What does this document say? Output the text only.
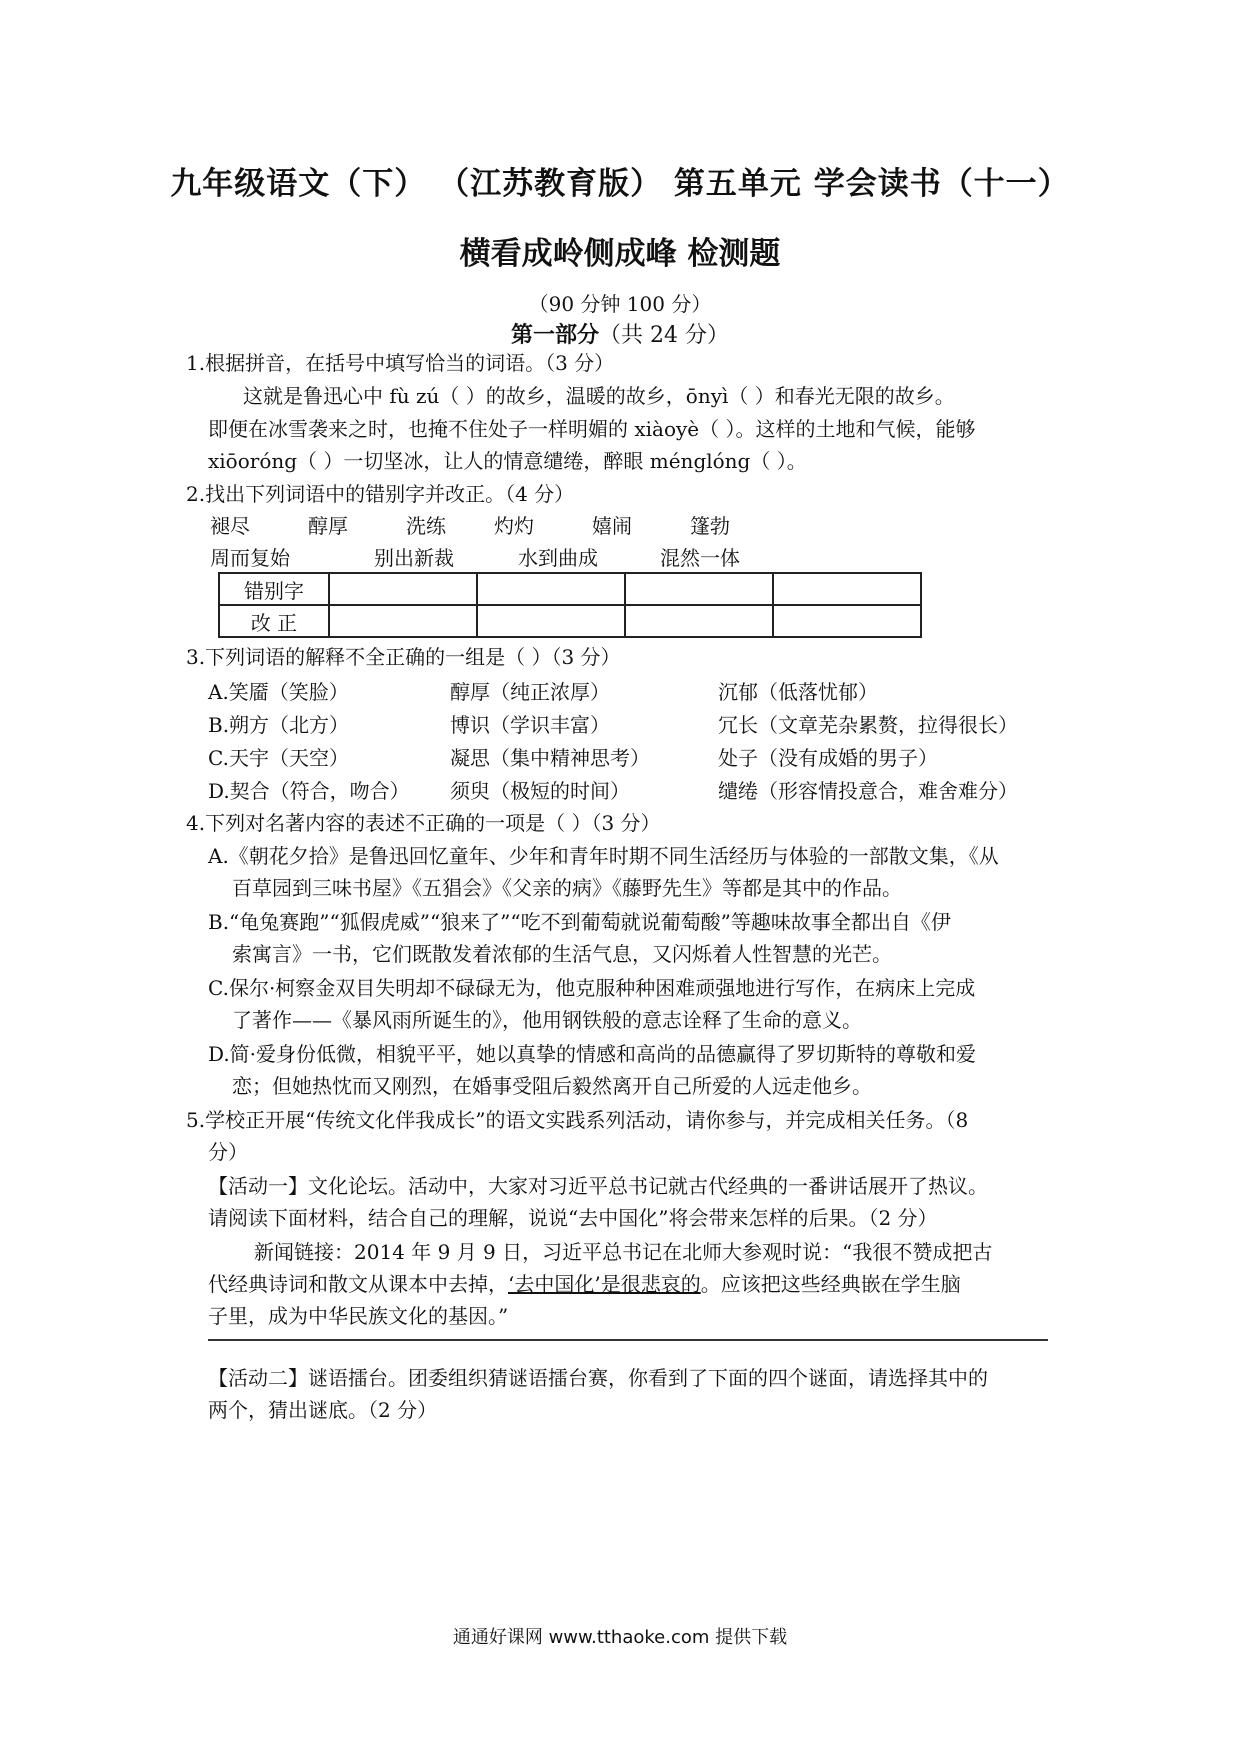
九年级语文（下） （江苏教育版） 第五单元 学会读书（十一）
横看成岭侧成峰 检测题
（90 分钟 100 分）
第一部分（共 24 分）
1.根据拼音，在括号中填写恰当的词语。（3 分）
这就是鲁迅心中 fù zú（ ）的故乡，温暖的故乡，ōnyì（ ）和春光无限的故乡。
即便在冰雪袭来之时，也掩不住处子一样明媚的 xiàoyè（ ）。这样的土地和气候，能够
xiōoróng（ ）一切坚冰，让人的情意缱绻，醉眼 ménglóng（ ）。
2.找出下列词语中的错别字并改正。（4 分）
褪尽	醇厚	洗练 灼灼	嬉闹	篷勃
周而复始	别出新裁	水到曲成	混然一体
错别字				
改 正				
3.下列词语的解释不全正确的一组是（ ）（3 分）
A.笑靥（笑脸）	醇厚（纯正浓厚）	沉郁（低落忧郁）
B.朔方（北方）	博识（学识丰富）	冗长（文章芜杂累赘，拉得很长）
C.天宇（天空）	凝思（集中精神思考）	处子（没有成婚的男子）
D.契合（符合，吻合） 须臾（极短的时间）	缱绻（形容情投意合，难舍难分）
4.下列对名著内容的表述不正确的一项是（ ）（3 分）
A.《朝花夕拾》是鲁迅回忆童年、少年和青年时期不同生活经历与体验的一部散文集，《从
百草园到三味书屋》《五猖会》《父亲的病》《藤野先生》等都是其中的作品。
B.“龟兔赛跑”“狐假虎威”“狼来了”“吃不到葡萄就说葡萄酸”等趣味故事全都出自《伊
索寓言》一书，它们既散发着浓郁的生活气息，又闪烁着人性智慧的光芒。
C.保尔·柯察金双目失明却不碌碌无为，他克服种种困难顽强地进行写作，在病床上完成
了著作——《暴风雨所诞生的》，他用钢铁般的意志诠释了生命的意义。
D.简·爱身份低微，相貌平平，她以真挚的情感和高尚的品德赢得了罗切斯特的尊敬和爱
恋；但她热忱而又刚烈，在婚事受阻后毅然离开自己所爱的人远走他乡。
5.学校正开展“传统文化伴我成长”的语文实践系列活动，请你参与，并完成相关任务。（8
分）
【活动一】文化论坛。活动中，大家对习近平总书记就古代经典的一番讲话展开了热议。
请阅读下面材料，结合自己的理解，说说“去中国化”将会带来怎样的后果。（2 分）
新闻链接：2014 年 9 月 9 日，习近平总书记在北师大参观时说：“我很不赞成把古
代经典诗词和散文从课本中去掉，‘去中国化’是很悲哀的。应该把这些经典嵌在学生脑
子里，成为中华民族文化的基因。”
【活动二】谜语擂台。团委组织猜谜语擂台赛，你看到了下面的四个谜面，请选择其中的
两个，猜出谜底。（2 分）
通通好课网 www.tthaoke.com 提供下载
